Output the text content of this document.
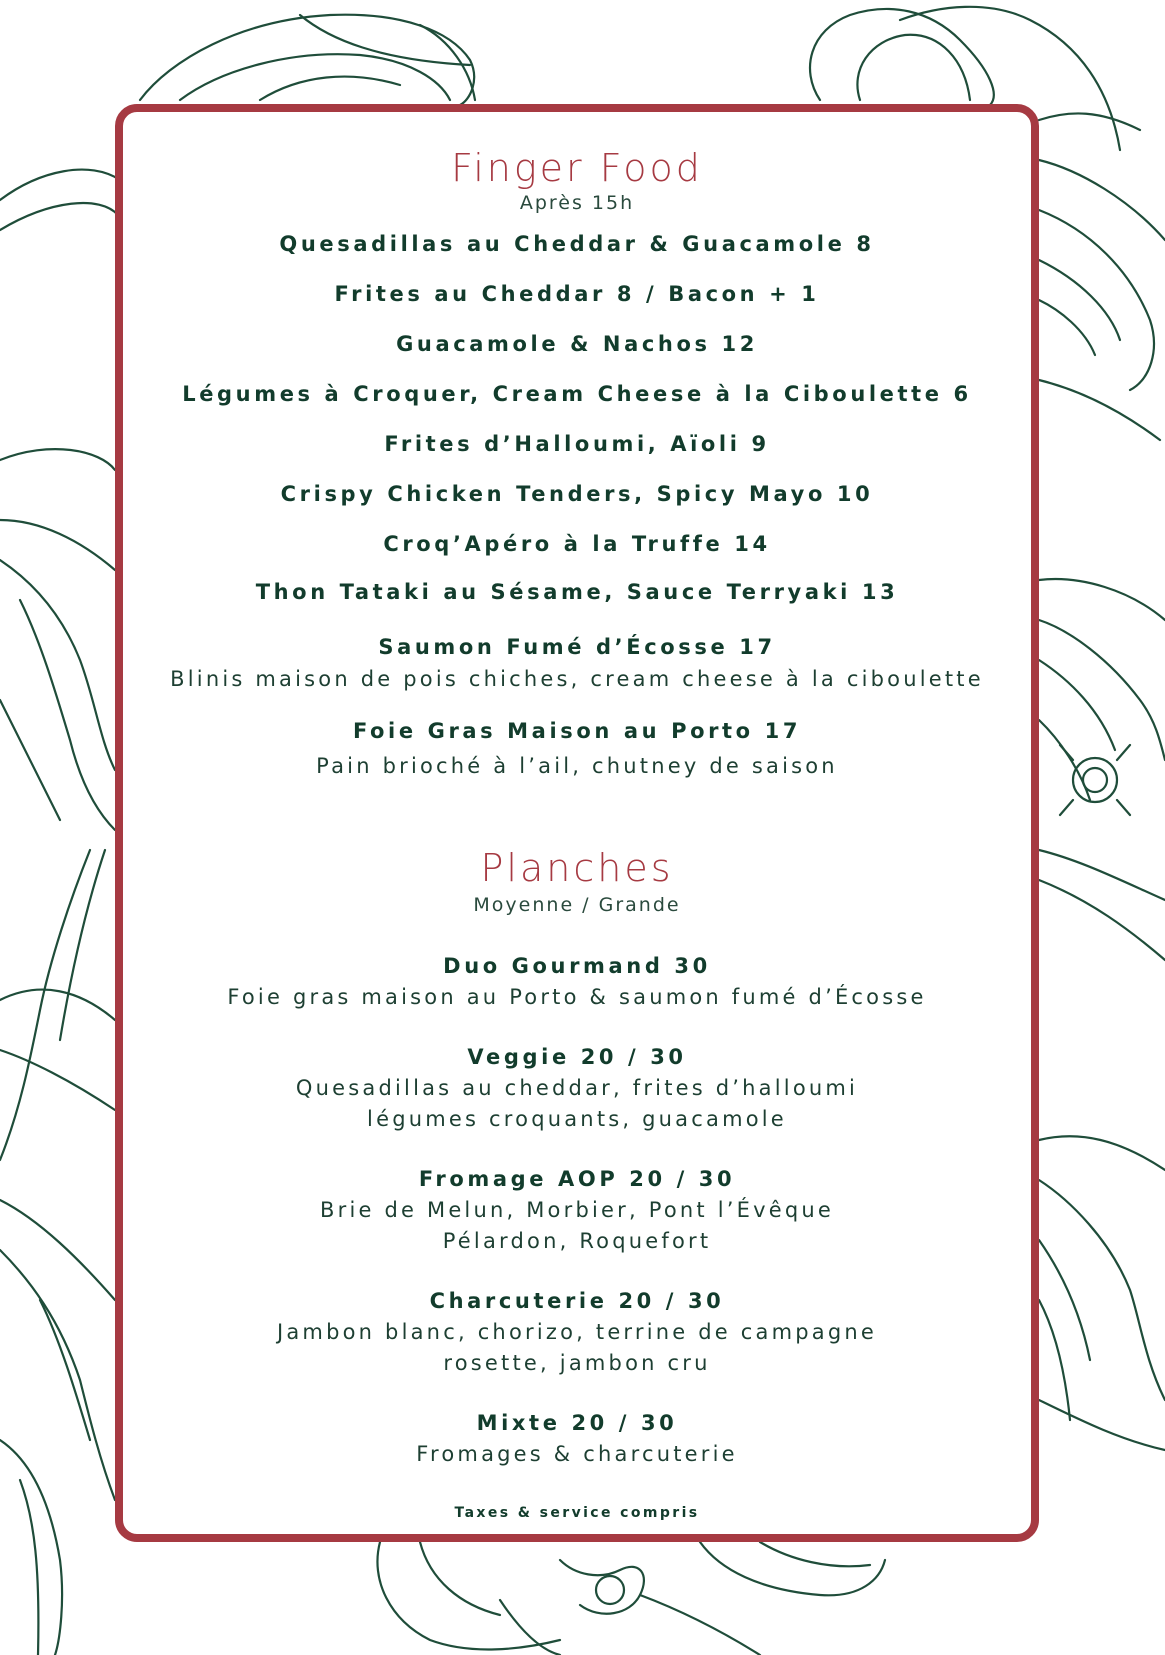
Finger Food
Après 15h
Quesadillas au Cheddar & Guacamole 8
Frites au Cheddar 8 / Bacon + 1
Guacamole & Nachos 12
Légumes à Croquer, Cream Cheese à la Ciboulette 6
Frites d’Halloumi, Aïoli 9
Crispy Chicken Tenders, Spicy Mayo 10
Croq’Apéro à la Truffe 14
Thon Tataki au Sésame, Sauce Terryaki 13
Saumon Fumé d’Écosse 17
Blinis maison de pois chiches, cream cheese à la ciboulette
Foie Gras Maison au Porto 17
Pain brioché à l’ail, chutney de saison
Planches
Moyenne / Grande
Duo Gourmand 30
Foie gras maison au Porto & saumon fumé d’Écosse
Veggie 20 / 30
Quesadillas au cheddar, frites d’halloumi
légumes croquants, guacamole
Fromage AOP 20 / 30
Brie de Melun, Morbier, Pont l’Évêque
Pélardon, Roquefort
Charcuterie 20 / 30
Jambon blanc, chorizo, terrine de campagne
rosette, jambon cru
Mixte 20 / 30
Fromages & charcuterie
Taxes & service compris
